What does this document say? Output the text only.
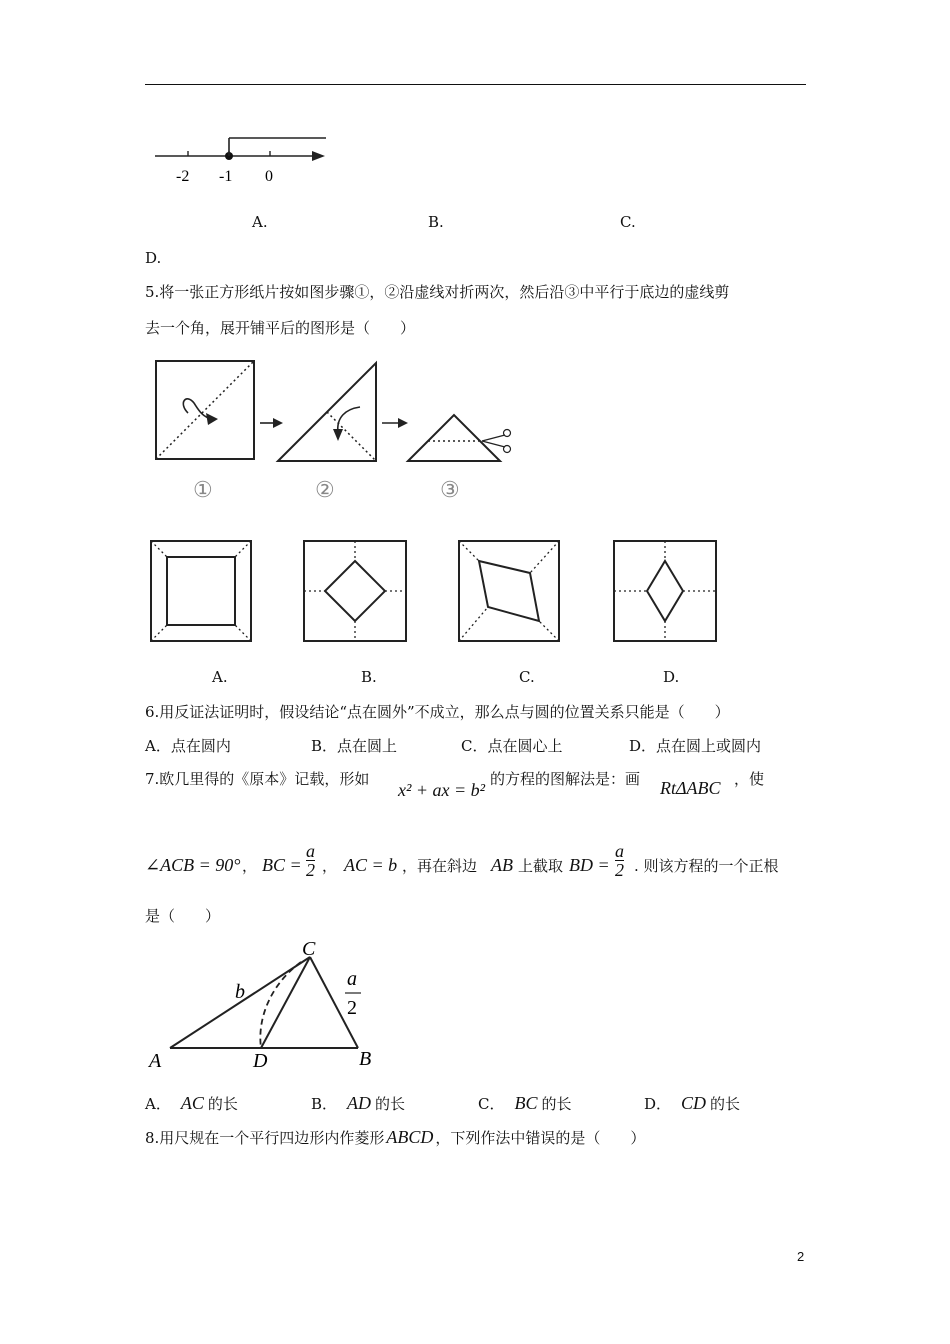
-2 -1 0
A.	B.	C.
D.
5.将一张正方形纸片按如图步骤①，②沿虚线对折两次，然后沿③中平行于底边的虚线剪
去一个角，展开铺平后的图形是（　　）
①	②	③
A.	B.	C.	D.
6.用反证法证明时，假设结论“点在圆外”不成立，那么点与圆的位置关系只能是（　　）
A．点在圆内	B．点在圆上	C．点在圆心上	D．点在圆上或圆内
7.欧几里得的《原本》记载，形如
x² + ax = b²
的方程的图解法是：画 RtΔABC ，使
∠ACB = 90° ， BC = $\frac{a}{2}$ ， AC = b ，再在斜边 AB 上截取 BD = $\frac{a}{2}$ . 则该方程的一个正根
是（　　）
A	D	B
C
b
a
2
A． AC 的长	B． AD 的长	C． BC 的长	D． CD 的长
8.用尺规在一个平行四边形内作菱形 ABCD ，下列作法中错误的是（　　）
2
